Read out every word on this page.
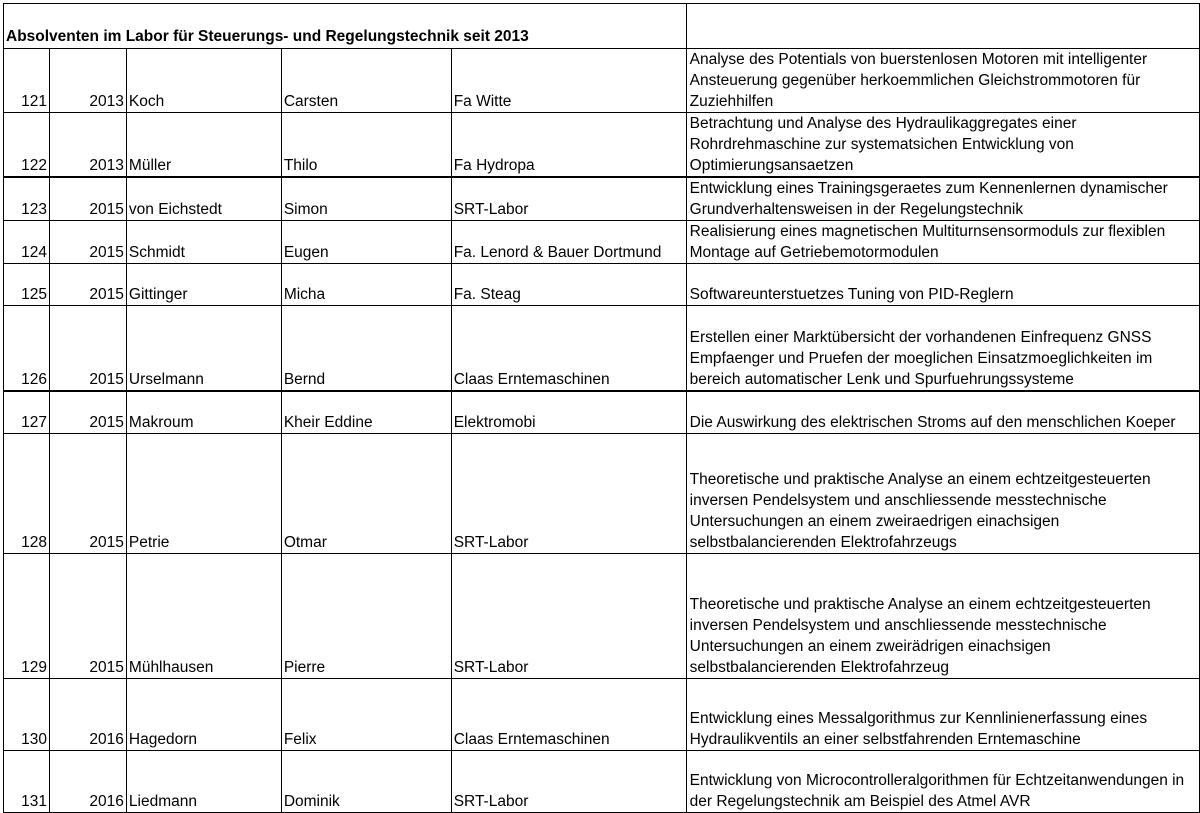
Absolventen im Labor für Steuerungs- und Regelungstechnik seit 2013					
121	2013	Koch	Carsten	Fa Witte	Analyse des Potentials von buerstenlosen Motoren mit intelligenter Ansteuerung gegenüber herkoemmlichen Gleichstrommotoren für Zuziehhilfen
122	2013	Müller	Thilo	Fa Hydropa	Betrachtung und Analyse des Hydraulikaggregates einer Rohrdrehmaschine zur systematsichen Entwicklung von Optimierungsansaetzen
123	2015	von Eichstedt	Simon	SRT-Labor	Entwicklung eines Trainingsgeraetes zum Kennenlernen dynamischer Grundverhaltensweisen in der Regelungstechnik
124	2015	Schmidt	Eugen	Fa. Lenord & Bauer Dortmund	Realisierung eines magnetischen Multiturnsensormoduls zur flexiblen Montage auf Getriebemotormodulen
125	2015	Gittinger	Micha	Fa. Steag	Softwareunterstuetzes Tuning von PID-Reglern
126	2015	Urselmann	Bernd	Claas Erntemaschinen	Erstellen einer Marktübersicht der vorhandenen Einfrequenz GNSS Empfaenger und Pruefen der moeglichen Einsatzmoeglichkeiten im bereich automatischer Lenk und Spurfuehrungssysteme
127	2015	Makroum	Kheir Eddine	Elektromobi	Die Auswirkung des elektrischen Stroms auf den menschlichen Koeper
128	2015	Petrie	Otmar	SRT-Labor	Theoretische und praktische Analyse an einem echtzeitgesteuerten inversen Pendelsystem und anschliessende messtechnische Untersuchungen an einem zweiraedrigen einachsigen selbstbalancierenden Elektrofahrzeugs
129	2015	Mühlhausen	Pierre	SRT-Labor	Theoretische und praktische Analyse an einem echtzeitgesteuerten inversen Pendelsystem und anschliessende messtechnische Untersuchungen an einem zweirädrigen einachsigen selbstbalancierenden Elektrofahrzeug
130	2016	Hagedorn	Felix	Claas Erntemaschinen	Entwicklung eines Messalgorithmus zur Kennlinienerfassung eines Hydraulikventils an einer selbstfahrenden Erntemaschine
131	2016	Liedmann	Dominik	SRT-Labor	Entwicklung von Microcontrolleralgorithmen für Echtzeitanwendungen in der Regelungstechnik am Beispiel des Atmel AVR
